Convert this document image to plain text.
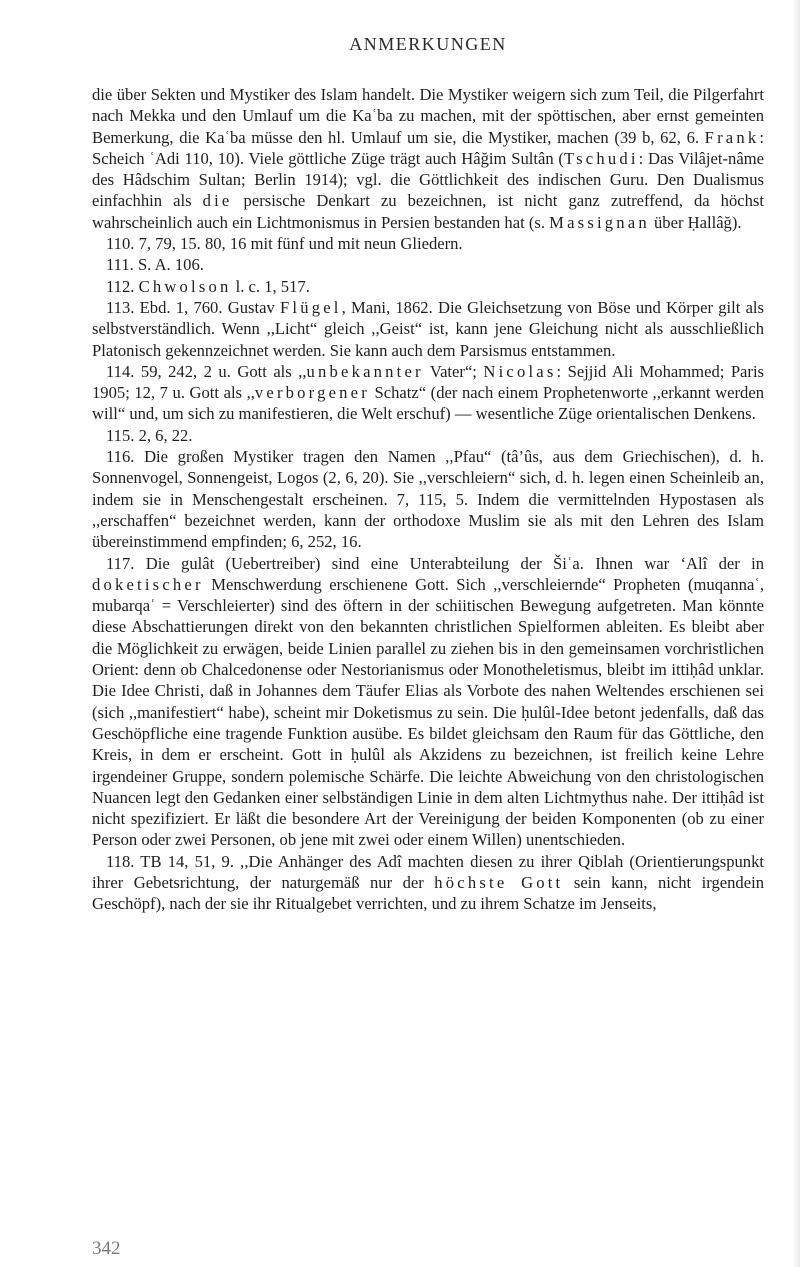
ANMERKUNGEN

die über Sekten und Mystiker des Islam handelt. Die Mystiker weigern sich zum Teil, die Pilgerfahrt nach Mekka und den Umlauf um die Kaʿba zu machen, mit der spöttischen, aber ernst gemeinten Bemerkung, die Kaʿba müsse den hl. Umlauf um sie, die Mystiker, machen (39 b, 62, 6. Frank: Scheich ʿAdi 110, 10). Viele göttliche Züge trägt auch Hâğim Sultân (Tschudi: Das Vilâjet-nâme des Hâdschim Sultan; Berlin 1914); vgl. die Göttlichkeit des indischen Guru. Den Dualismus einfachhin als die persische Denkart zu bezeichnen, ist nicht ganz zutreffend, da höchst wahrscheinlich auch ein Lichtmonismus in Persien bestanden hat (s. Massignan über Ḥallâğ).

110. 7, 79, 15. 80, 16 mit fünf und mit neun Gliedern.

111. S. A. 106.

112. Chwolson l. c. 1, 517.

113. Ebd. 1, 760. Gustav Flügel, Mani, 1862. Die Gleichsetzung von Böse und Körper gilt als selbstverständlich. Wenn ,,Licht“ gleich ,,Geist“ ist, kann jene Gleichung nicht als ausschließlich Platonisch gekennzeichnet werden. Sie kann auch dem Parsismus entstammen.

114. 59, 242, 2 u. Gott als ,,unbekannter Vater“; Nicolas: Sejjid Ali Mohammed; Paris 1905; 12, 7 u. Gott als ,,verborgener Schatz“ (der nach einem Prophetenworte ,,erkannt werden will“ und, um sich zu manifestieren, die Welt erschuf) — wesentliche Züge orientalischen Denkens.

115. 2, 6, 22.

116. Die großen Mystiker tragen den Namen ,,Pfau“ (tâ’ûs, aus dem Griechischen), d. h. Sonnenvogel, Sonnengeist, Logos (2, 6, 20). Sie ,,verschleiern“ sich, d. h. legen einen Scheinleib an, indem sie in Menschengestalt erscheinen. 7, 115, 5. Indem die vermittelnden Hypostasen als ,,erschaffen“ bezeichnet werden, kann der orthodoxe Muslim sie als mit den Lehren des Islam übereinstimmend empfinden; 6, 252, 16.

117. Die gulât (Uebertreiber) sind eine Unterabteilung der Šiʿa. Ihnen war ‘Alî der in doketischer Menschwerdung erschienene Gott. Sich ,,verschleiernde“ Propheten (muqannaʿ, mubarqaʿ = Verschleierter) sind des öftern in der schiitischen Bewegung aufgetreten. Man könnte diese Abschattierungen direkt von den bekannten christlichen Spielformen ableiten. Es bleibt aber die Möglichkeit zu erwägen, beide Linien parallel zu ziehen bis in den gemeinsamen vorchristlichen Orient: denn ob Chalcedonense oder Nestorianismus oder Monotheletismus, bleibt im ittiḥâd unklar. Die Idee Christi, daß in Johannes dem Täufer Elias als Vorbote des nahen Weltendes erschienen sei (sich ,,manifestiert“ habe), scheint mir Doketismus zu sein. Die ḥulûl-Idee betont jedenfalls, daß das Geschöpfliche eine tragende Funktion ausübe. Es bildet gleichsam den Raum für das Göttliche, den Kreis, in dem er erscheint. Gott in ḥulûl als Akzidens zu bezeichnen, ist freilich keine Lehre irgendeiner Gruppe, sondern polemische Schärfe. Die leichte Abweichung von den christologischen Nuancen legt den Gedanken einer selbständigen Linie in dem alten Lichtmythus nahe. Der ittiḥâd ist nicht spezifiziert. Er läßt die besondere Art der Vereinigung der beiden Komponenten (ob zu einer Person oder zwei Personen, ob jene mit zwei oder einem Willen) unentschieden.

118. TB 14, 51, 9. ,,Die Anhänger des Adî machten diesen zu ihrer Qiblah (Orientierungspunkt ihrer Gebetsrichtung, der naturgemäß nur der höchste Gott sein kann, nicht irgendein Geschöpf), nach der sie ihr Ritualgebet verrichten, und zu ihrem Schatze im Jenseits,

342
